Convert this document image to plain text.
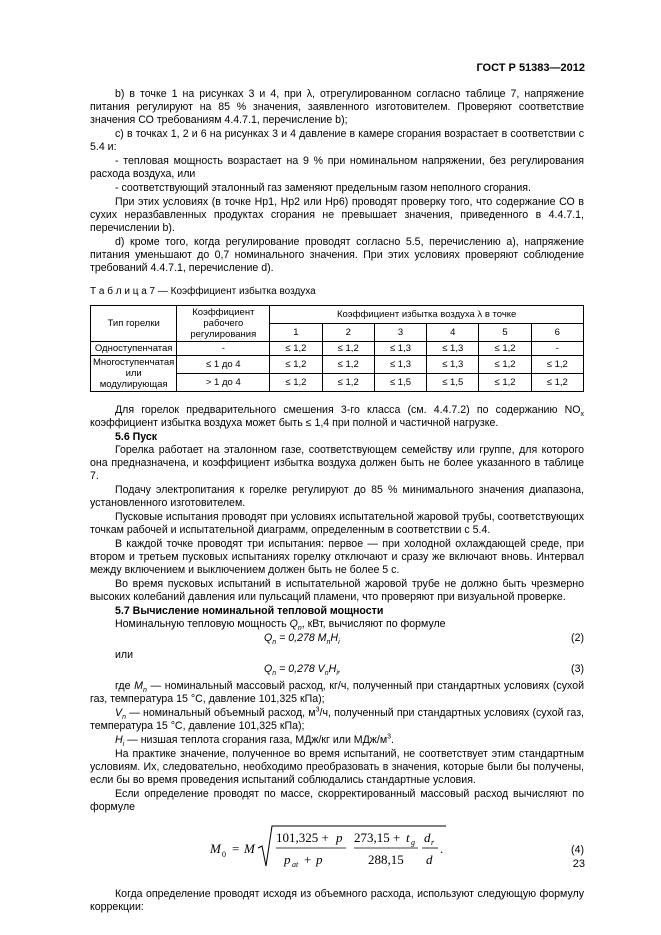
ГОСТ Р 51383—2012

b) в точке 1 на рисунках 3 и 4, при λ, отрегулированном согласно таблице 7, напряжение питания регулируют на 85 % значения, заявленного изготовителем. Проверяют соответствие значения СО требованиям 4.4.7.1, перечисление b);

c) в точках 1, 2 и 6 на рисунках 3 и 4 давление в камере сгорания возрастает в соответствии с 5.4 и:

- тепловая мощность возрастает на 9 % при номинальном напряжении, без регулирования расхода воздуха, или

- соответствующий эталонный газ заменяют предельным газом неполного сгорания.

При этих условиях (в точке Нр1, Нр2 или Нр6) проводят проверку того, что содержание СО в сухих неразбавленных продуктах сгорания не превышает значения, приведенного в 4.4.7.1, перечислении b).

d) кроме того, когда регулирование проводят согласно 5.5, перечислению a), напряжение питания уменьшают до 0,7 номинального значения. При этих условиях проверяют соблюдение требований 4.4.7.1, перечисление d).

Т а б л и ц а 7 — Коэффициент избытка воздуха

Тип горелки	Коэффициент рабочего регулирования	Коэффициент избытка воздуха λ в точке					
		1	2	3	4	5	6
Одноступенчатая	-	≤ 1,2	≤ 1,2	≤ 1,3	≤ 1,3	≤ 1,2	-
Многоступенчатая или модулирующая	≤ 1 до 4	≤ 1,2	≤ 1,2	≤ 1,3	≤ 1,3	≤ 1,2	≤ 1,2
	> 1 до 4	≤ 1,2	≤ 1,2	≤ 1,5	≤ 1,5	≤ 1,2	≤ 1,2

Для горелок предварительного смешения 3-го класса (см. 4.4.7.2) по содержанию $NO_x$ коэффициент избытка воздуха может быть ≤ 1,4 при полной и частичной нагрузке.

5.6 Пуск

Горелка работает на эталонном газе, соответствующем семейству или группе, для которого она предназначена, и коэффициент избытка воздуха должен быть не более указанного в таблице 7.

Подачу электропитания к горелке регулируют до 85 % минимального значения диапазона, установленного изготовителем.

Пусковые испытания проводят при условиях испытательной жаровой трубы, соответствующих точкам рабочей и испытательной диаграмм, определенным в соответствии с 5.4.

В каждой точке проводят три испытания: первое — при холодной охлаждающей среде, при втором и третьем пусковых испытаниях горелку отключают и сразу же включают вновь. Интервал между включением и выключением должен быть не более 5 с.

Во время пусковых испытаний в испытательной жаровой трубе не должно быть чрезмерно высоких колебаний давления или пульсаций пламени, что проверяют при визуальной проверке.

5.7 Вычисление номинальной тепловой мощности

Номинальную тепловую мощность $Q_n$, кВт, вычисляют по формуле

$Q_n = 0,278$ $M_nH_i$	(2)

или

$Q_n = 0,278$ $V_nH_i$,	(3)

где $M_n$ — номинальный массовый расход, кг/ч, полученный при стандартных условиях (сухой газ, температура 15 °С, давление 101,325 кПа);

$V_n$ — номинальный объемный расход, $м^3/ч$, полученный при стандартных условиях (сухой газ, температура 15 °С, давление 101,325 кПа);

$H_i$ — низшая теплота сгорания газа, МДж/кг или МДж/$м^3$.

На практике значение, полученное во время испытаний, не соответствует этим стандартным условиям. Их, следовательно, необходимо преобразовать в значения, которые были бы получены, если бы во время проведения испытаний соблюдались стандартные условия.

Если определение проводят по массе, скорректированный массовый расход вычисляют по формуле

M 0 = M
101,325 + p
p at + p
273,15 + t g
288,15
d r
d
.	(4)

Когда определение проводят исходя из объемного расхода, используют следующую формулу коррекции:

23
